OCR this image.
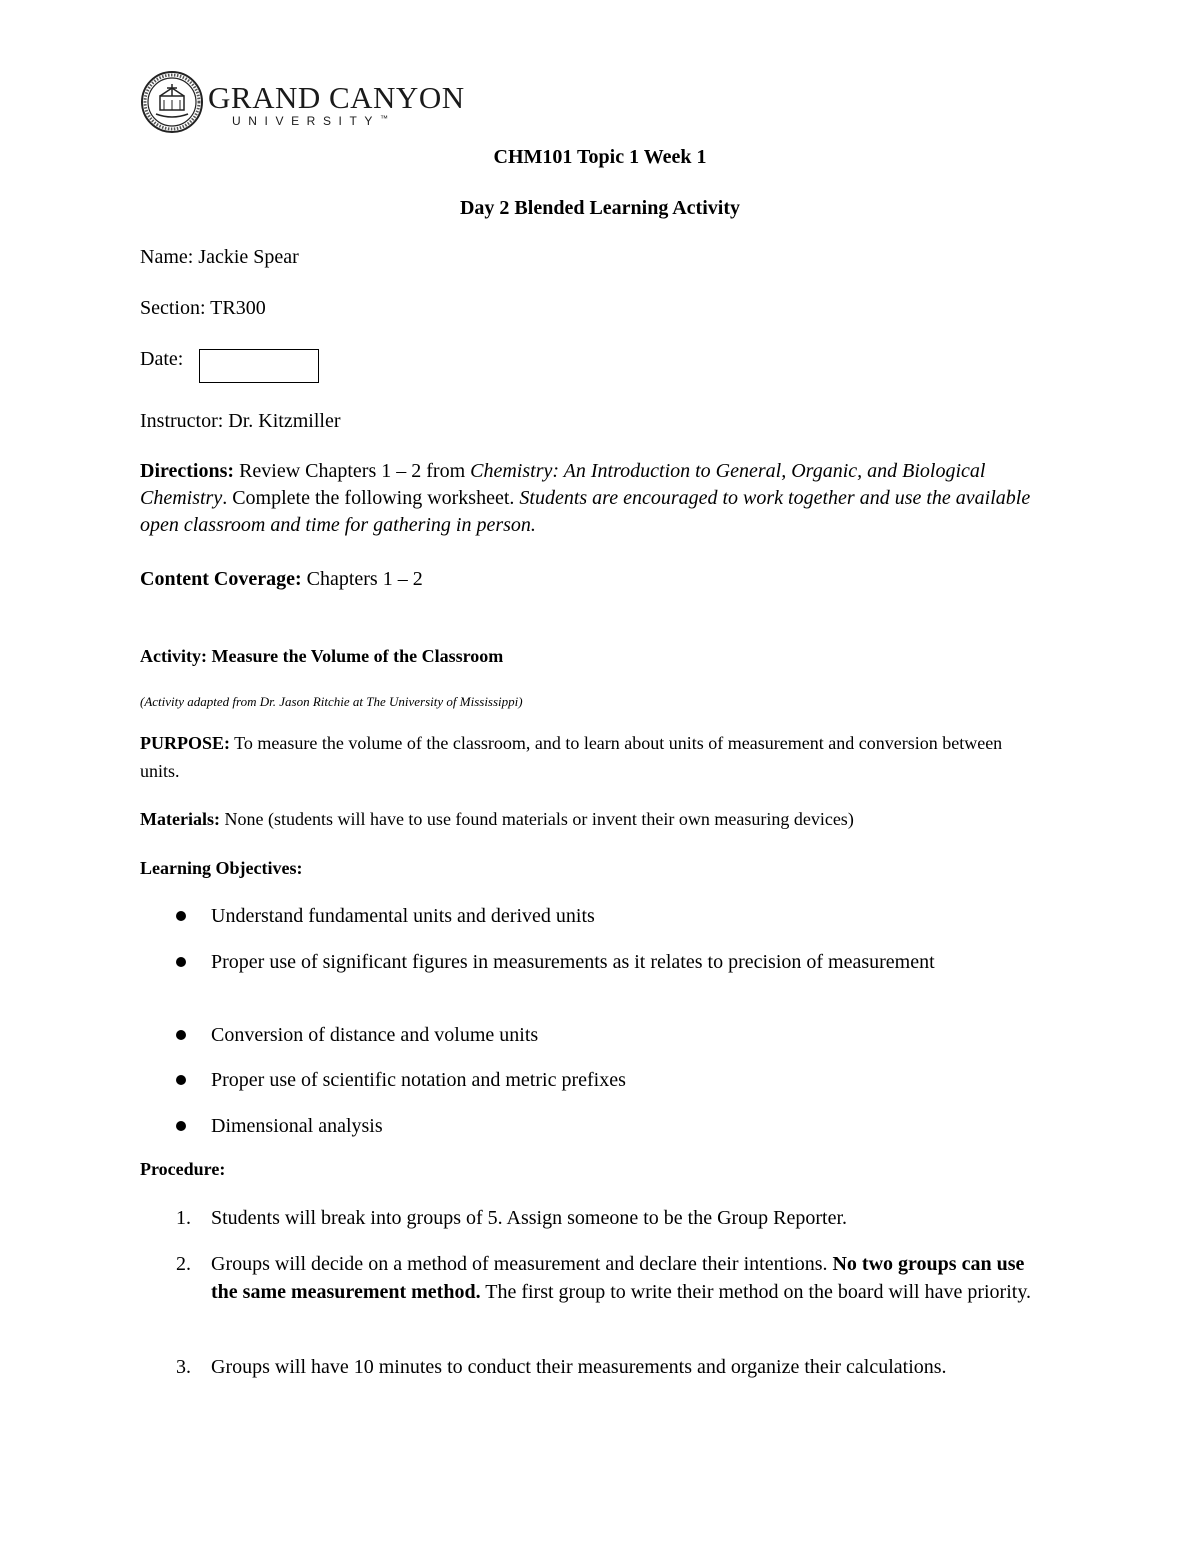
GRAND CANYON
UNIVERSITY™
CHM101 Topic 1 Week 1
Day 2 Blended Learning Activity
Name: Jackie Spear
Section: TR300
Date:
Instructor: Dr. Kitzmiller
Directions: Review Chapters 1 – 2 from Chemistry: An Introduction to General, Organic, and Biological Chemistry. Complete the following worksheet. Students are encouraged to work together and use the available open classroom and time for gathering in person.
Content Coverage: Chapters 1 – 2
Activity: Measure the Volume of the Classroom
(Activity adapted from Dr. Jason Ritchie at The University of Mississippi)
PURPOSE: To measure the volume of the classroom, and to learn about units of measurement and conversion between units.
Materials: None (students will have to use found materials or invent their own measuring devices)
Learning Objectives:
Understand fundamental units and derived units
Proper use of significant figures in measurements as it relates to precision of measurement
Conversion of distance and volume units
Proper use of scientific notation and metric prefixes
Dimensional analysis
Procedure:
1. Students will break into groups of 5. Assign someone to be the Group Reporter.
2. Groups will decide on a method of measurement and declare their intentions. No two groups can use the same measurement method. The first group to write their method on the board will have priority.
3. Groups will have 10 minutes to conduct their measurements and organize their calculations.
